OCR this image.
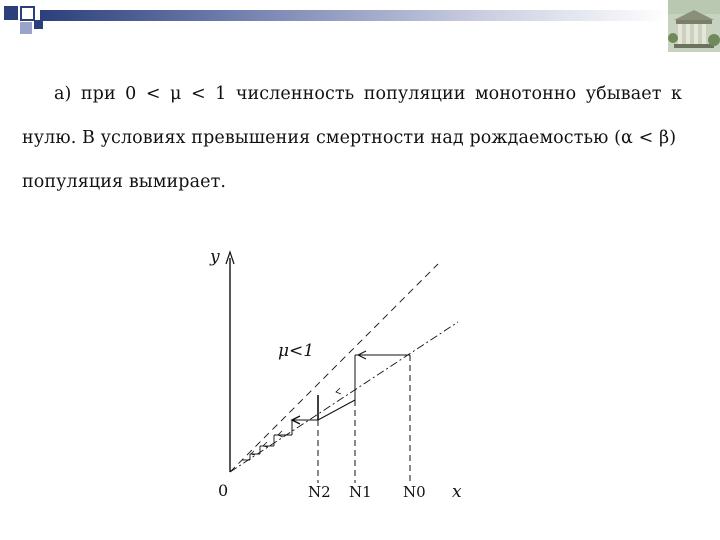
а) при 0 < μ < 1 численность популяции монотонно убывает к
нулю. В условиях превышения смертности над рождаемостью (α < β)
популяция вымирает.
y
μ<1
0	N2 N1 N0 x
